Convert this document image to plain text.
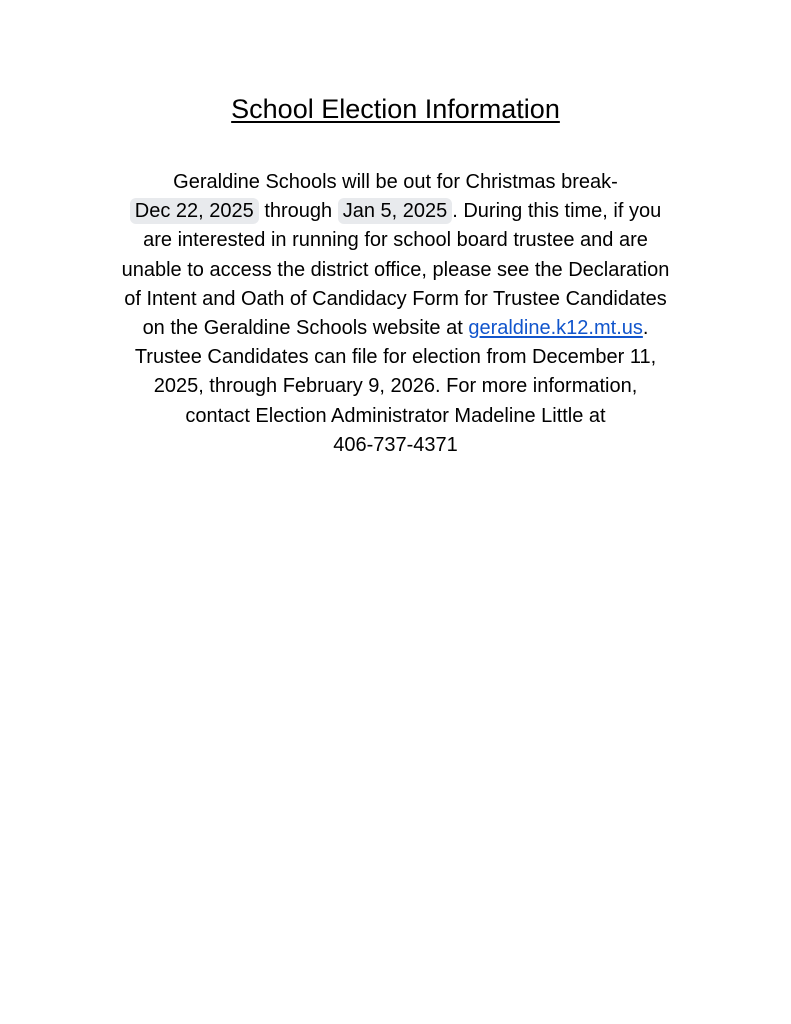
School Election Information
Geraldine Schools will be out for Christmas break-
Dec 22, 2025 through Jan 5, 2025 . During this time, if you
are interested in running for school board trustee and are
unable to access the district office, please see the Declaration
of Intent and Oath of Candidacy Form for Trustee Candidates
on the Geraldine Schools website at geraldine.k12.mt.us.
Trustee Candidates can file for election from December 11,
2025, through February 9, 2026. For more information,
contact Election Administrator Madeline Little at
406-737-4371
